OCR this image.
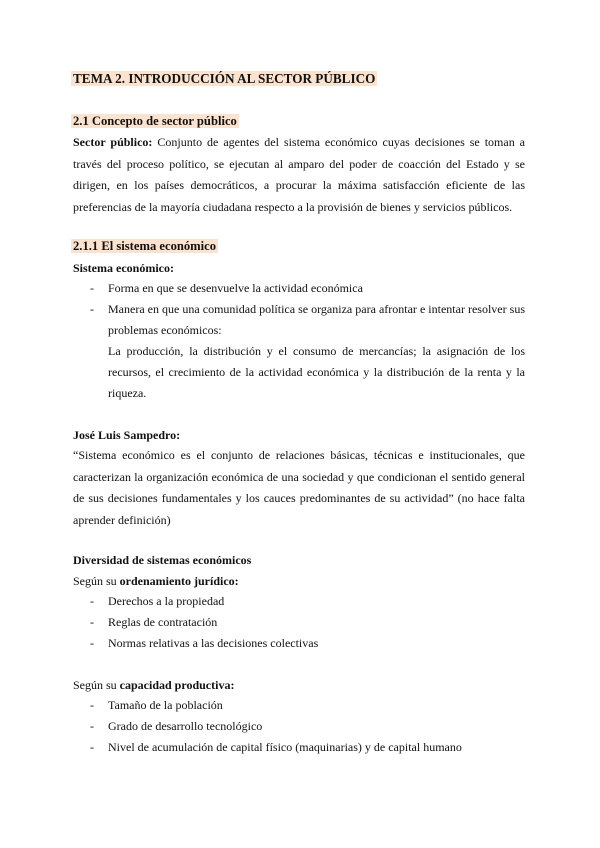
TEMA 2. INTRODUCCIÓN AL SECTOR PÚBLICO
2.1 Concepto de sector público
Sector público: Conjunto de agentes del sistema económico cuyas decisiones se toman a través del proceso político, se ejecutan al amparo del poder de coacción del Estado y se dirigen, en los países democráticos, a procurar la máxima satisfacción eficiente de las preferencias de la mayoría ciudadana respecto a la provisión de bienes y servicios públicos.
2.1.1 El sistema económico
Sistema económico:
- Forma en que se desenvuelve la actividad económica
- Manera en que una comunidad política se organiza para afrontar e intentar resolver sus problemas económicos:
La producción, la distribución y el consumo de mercancías; la asignación de los recursos, el crecimiento de la actividad económica y la distribución de la renta y la riqueza.
José Luis Sampedro:
“Sistema económico es el conjunto de relaciones básicas, técnicas e institucionales, que caracterizan la organización económica de una sociedad y que condicionan el sentido general de sus decisiones fundamentales y los cauces predominantes de su actividad” (no hace falta aprender definición)
Diversidad de sistemas económicos
Según su ordenamiento jurídico:
- Derechos a la propiedad
- Reglas de contratación
- Normas relativas a las decisiones colectivas
Según su capacidad productiva:
- Tamaño de la población
- Grado de desarrollo tecnológico
- Nivel de acumulación de capital físico (maquinarias) y de capital humano
